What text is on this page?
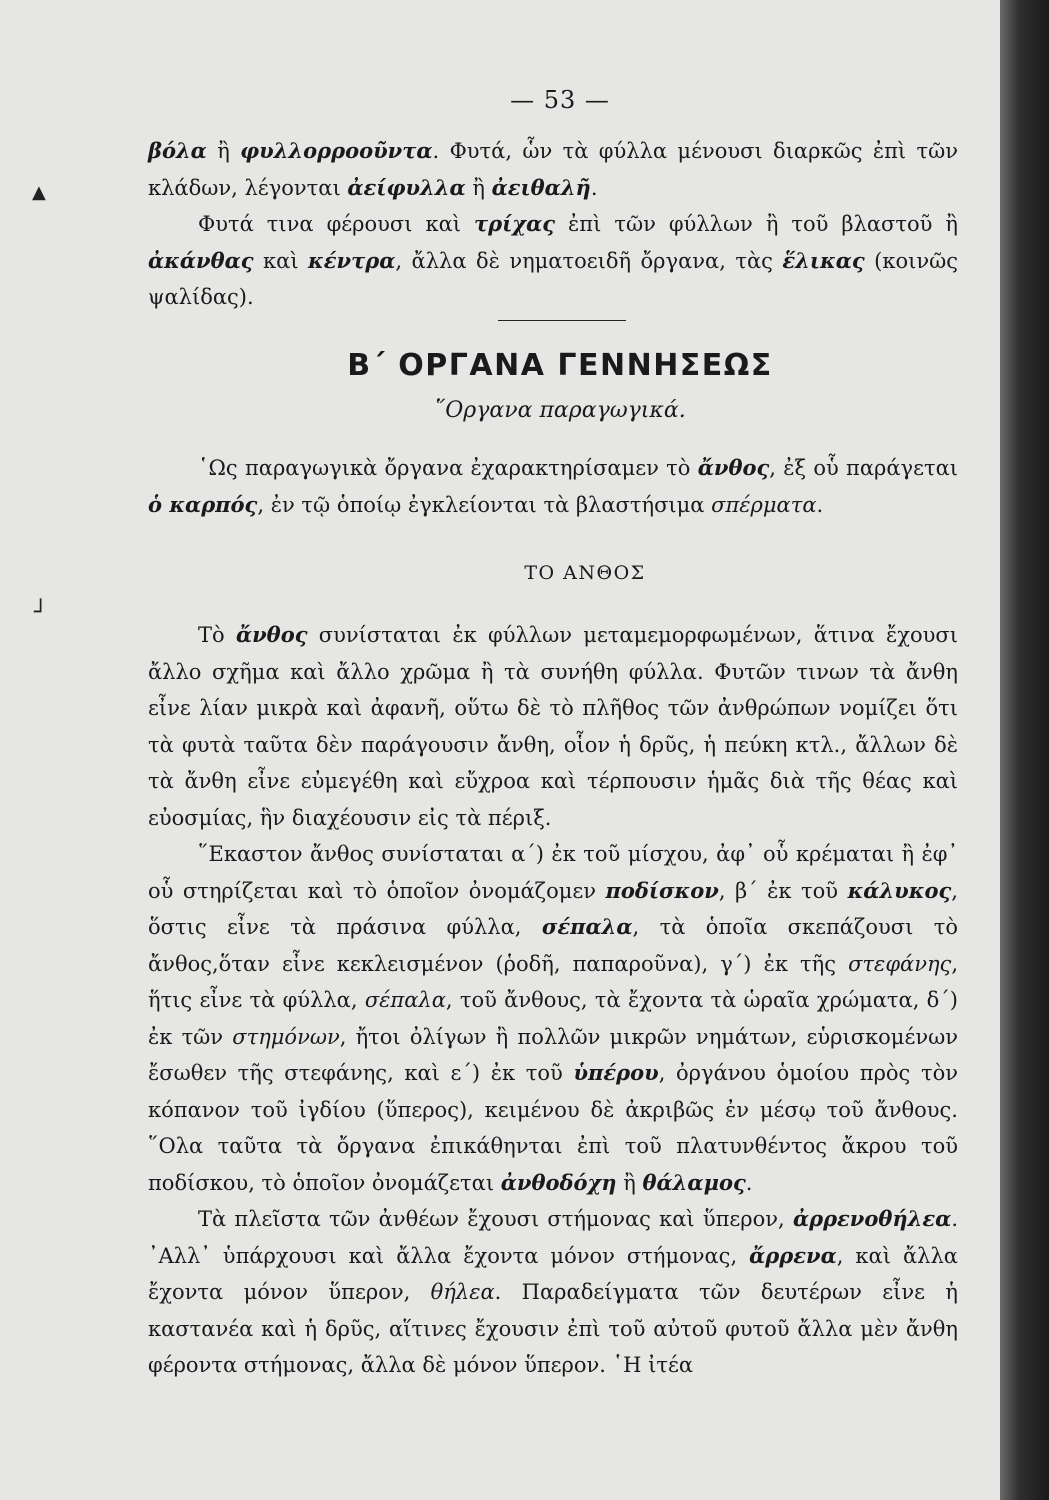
— 53 —

βόλα ἢ φυλλορροοῦντα. Φυτά, ὧν τὰ φύλλα μένουσι διαρκῶς ἐπὶ τῶν κλάδων, λέγονται ἀείφυλλα ἢ ἀειθαλῆ.

Φυτά τινα φέρουσι καὶ τρίχας ἐπὶ τῶν φύλλων ἢ τοῦ βλαστοῦ ἢ ἀκάνθας καὶ κέντρα, ἄλλα δὲ νηματοειδῆ ὄργανα, τὰς ἕλικας (κοινῶς ψαλίδας).

Β΄ ΟΡΓΑΝΑ ΓΕΝΝΗΣΕΩΣ
῞Οργανα παραγωγικά.

῾Ως παραγωγικὰ ὄργανα ἐχαρακτηρίσαμεν τὸ ἄνθος, ἐξ οὗ παράγεται ὁ καρπός, ἐν τῷ ὁποίῳ ἐγκλείονται τὰ βλαστήσιμα σπέρματα.

ΤΟ ΑΝΘΟΣ

Τὸ ἄνθος συνίσταται ἐκ φύλλων μεταμεμορφωμένων, ἅτινα ἔχουσι ἄλλο σχῆμα καὶ ἄλλο χρῶμα ἢ τὰ συνήθη φύλλα. Φυτῶν τινων τὰ ἄνθη εἶνε λίαν μικρὰ καὶ ἀφανῆ, οὕτω δὲ τὸ πλῆθος τῶν ἀνθρώπων νομίζει ὅτι τὰ φυτὰ ταῦτα δὲν παράγουσιν ἄνθη, οἷον ἡ δρῦς, ἡ πεύκη κτλ., ἄλλων δὲ τὰ ἄνθη εἶνε εὐμεγέθη καὶ εὔχροα καὶ τέρπουσιν ἡμᾶς διὰ τῆς θέας καὶ εὐοσμίας, ἣν διαχέουσιν εἰς τὰ πέριξ.

῞Εκαστον ἄνθος συνίσταται α΄) ἐκ τοῦ μίσχου, ἀφ᾿ οὗ κρέμαται ἢ ἐφ᾿ οὗ στηρίζεται καὶ τὸ ὁποῖον ὀνομάζομεν ποδίσκον, β΄ ἐκ τοῦ κάλυκος, ὅστις εἶνε τὰ πράσινα φύλλα, σέπαλα, τὰ ὁποῖα σκεπάζουσι τὸ ἄνθος,ὅταν εἶνε κεκλεισμένον (ῥοδῆ, παπαροῦνα), γ΄) ἐκ τῆς στεφάνης, ἥτις εἶνε τὰ φύλλα, σέπαλα, τοῦ ἄνθους, τὰ ἔχοντα τὰ ὡραῖα χρώματα, δ΄) ἐκ τῶν στημόνων, ἤτοι ὀλίγων ἢ πολλῶν μικρῶν νημάτων, εὑρισκομένων ἔσωθεν τῆς στεφάνης, καὶ ε΄) ἐκ τοῦ ὑπέρου, ὀργάνου ὁμοίου πρὸς τὸν κόπανον τοῦ ἰγδίου (ὕπερος), κειμένου δὲ ἀκριβῶς ἐν μέσῳ τοῦ ἄνθους. ῞Ολα ταῦτα τὰ ὄργανα ἐπικάθηνται ἐπὶ τοῦ πλατυνθέντος ἄκρου τοῦ ποδίσκου, τὸ ὁποῖον ὀνομάζεται ἀνθοδόχη ἢ θάλαμος.

Τὰ πλεῖστα τῶν ἀνθέων ἔχουσι στήμονας καὶ ὕπερον, ἀρρενοθήλεα. ᾿Αλλ᾿ ὑπάρχουσι καὶ ἄλλα ἔχοντα μόνον στήμονας, ἄρρενα, καὶ ἄλλα ἔχοντα μόνον ὕπερον, θήλεα. Παραδείγματα τῶν δευτέρων εἶνε ἡ καστανέα καὶ ἡ δρῦς, αἵτινες ἔχουσιν ἐπὶ τοῦ αὐτοῦ φυτοῦ ἄλλα μὲν ἄνθη φέροντα στήμονας, ἄλλα δὲ μόνον ὕπερον. ῾Η ἰτέα

▲
┘
